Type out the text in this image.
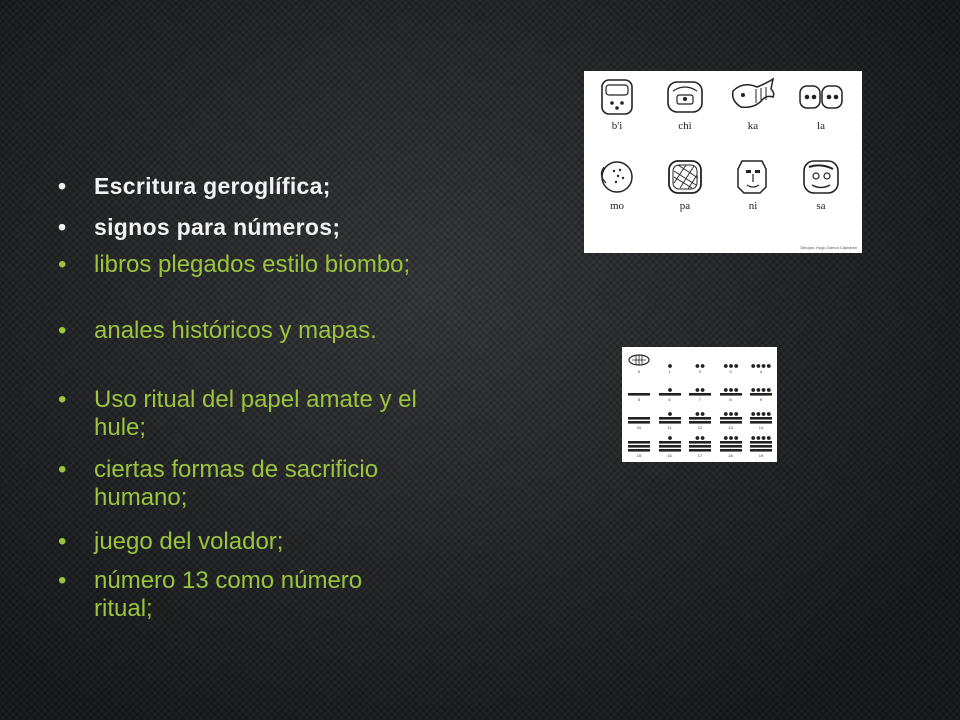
• Escritura geroglífica;
• signos para números;
• libros plegados estilo biombo;
• anales históricos y mapas.
• Uso ritual del papel amate y el hule;
• ciertas formas de sacrificio humano;
• juego del volador;
• número 13 como número ritual;
b'i	chi	ka	la
mo	pa	ni	sa
Dibujos: Hugo García Capistrán
0	1	2	3	4
5	6	7	8	9
10	11	12	13	14
15	16	17	18	19
